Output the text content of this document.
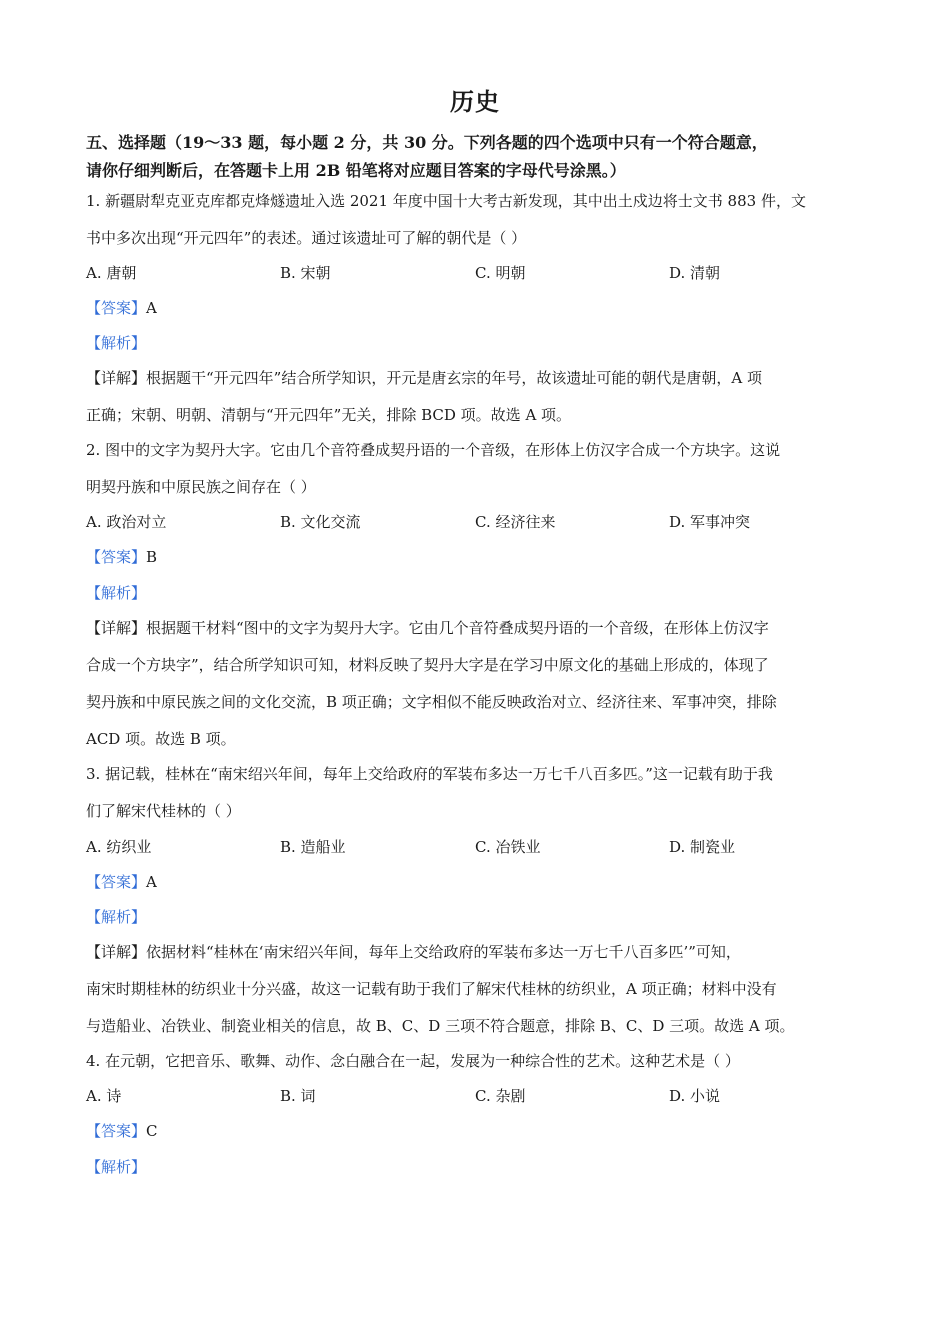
历史
五、选择题（19～33 题，每小题 2 分，共 30 分。下列各题的四个选项中只有一个符合题意，
请你仔细判断后，在答题卡上用 2B 铅笔将对应题目答案的字母代号涂黑。）
1. 新疆尉犁克亚克库都克烽燧遗址入选 2021 年度中国十大考古新发现，其中出土戍边将士文书 883 件，文
书中多次出现“开元四年”的表述。通过该遗址可了解的朝代是（ ）
A. 唐朝	B. 宋朝	C. 明朝	D. 清朝
【答案】A
【解析】
【详解】根据题干“开元四年”结合所学知识，开元是唐玄宗的年号，故该遗址可能的朝代是唐朝，A 项
正确；宋朝、明朝、清朝与“开元四年”无关，排除 BCD 项。故选 A 项。
2. 图中的文字为契丹大字。它由几个音符叠成契丹语的一个音级，在形体上仿汉字合成一个方块字。这说
明契丹族和中原民族之间存在（ ）
A. 政治对立	B. 文化交流	C. 经济往来	D. 军事冲突
【答案】B
【解析】
【详解】根据题干材料“图中的文字为契丹大字。它由几个音符叠成契丹语的一个音级，在形体上仿汉字
合成一个方块字”，结合所学知识可知，材料反映了契丹大字是在学习中原文化的基础上形成的，体现了
契丹族和中原民族之间的文化交流，B 项正确；文字相似不能反映政治对立、经济往来、军事冲突，排除
ACD 项。故选 B 项。
3. 据记载，桂林在“南宋绍兴年间，每年上交给政府的军装布多达一万七千八百多匹。”这一记载有助于我
们了解宋代桂林的（ ）
A. 纺织业	B. 造船业	C. 冶铁业	D. 制瓷业
【答案】A
【解析】
【详解】依据材料“桂林在‘南宋绍兴年间，每年上交给政府的军装布多达一万七千八百多匹’”可知，
南宋时期桂林的纺织业十分兴盛，故这一记载有助于我们了解宋代桂林的纺织业，A 项正确；材料中没有
与造船业、冶铁业、制瓷业相关的信息，故 B、C、D 三项不符合题意，排除 B、C、D 三项。故选 A 项。
4. 在元朝，它把音乐、歌舞、动作、念白融合在一起，发展为一种综合性的艺术。这种艺术是（ ）
A. 诗	B. 词	C. 杂剧	D. 小说
【答案】C
【解析】
